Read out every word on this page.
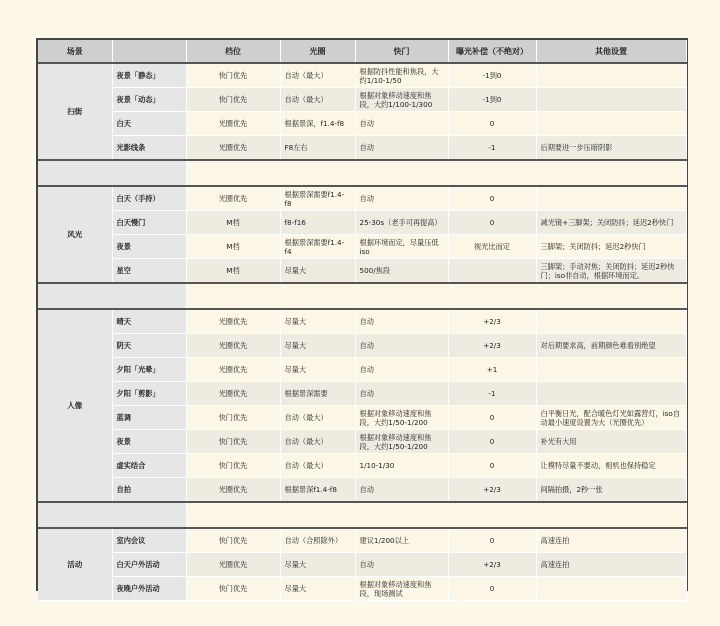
场景		档位	光圈	快门	曝光补偿（不绝对）	其他设置
扫街	夜景「静态」	快门优先	自动（最大）	根据防抖性能和焦段，大约1/10-1/50	-1到0	
	夜景「动态」	快门优先	自动（最大）	根据对象移动速度和焦段，大约1/100-1/300	-1到0	
	白天	光圈优先	根据景深，f1.4-f8	自动	0	
	光影线条	光圈优先	F8左右	自动	-1	后期要进一步压暗阴影

风光	白天（手持）	光圈优先	根据景深需要f1.4-f8	自动	0	
	白天慢门	M档	f8-f16	25-30s（老手可再提高）	0	减光镜+三脚架；关闭防抖；延迟2秒快门
	夜景	M档	根据景深需要f1.4-f4	根据环境而定，尽量压低iso	视光比而定	三脚架；关闭防抖；延迟2秒快门
	星空	M档	尽量大	500/焦段		三脚架；手动对焦；关闭防抖；延迟2秒快门；iso非自动，根据环境而定。

人像	晴天	光圈优先	尽量大	自动	+2/3	
	阴天	光圈优先	尽量大	自动	+2/3	对后期要求高，前期颜色难看别绝望
	夕阳「光晕」	光圈优先	尽量大	自动	+1	
	夕阳「剪影」	光圈优先	根据景深需要	自动	-1	
	蓝调	快门优先	自动（最大）	根据对象移动速度和焦段，大约1/50-1/200	0	白平衡日光，配合暖色灯光如露营灯，iso自动最小速度设置为大（光圈优先）
	夜景	快门优先	自动（最大）	根据对象移动速度和焦段，大约1/50-1/200	0	补光有大用
	虚实结合	快门优先	自动（最大）	1/10-1/30	0	让模特尽量不要动，相机也保持稳定
	自拍	光圈优先	根据景深f1.4-f8	自动	+2/3	间隔拍摄，2秒一张

活动	室内会议	快门优先	自动（合照除外）	建议1/200以上	0	高速连拍
	白天户外活动	光圈优先	尽量大	自动	+2/3	高速连拍
	夜晚户外活动	快门优先	尽量大	根据对象移动速度和焦段，现场测试	0	
